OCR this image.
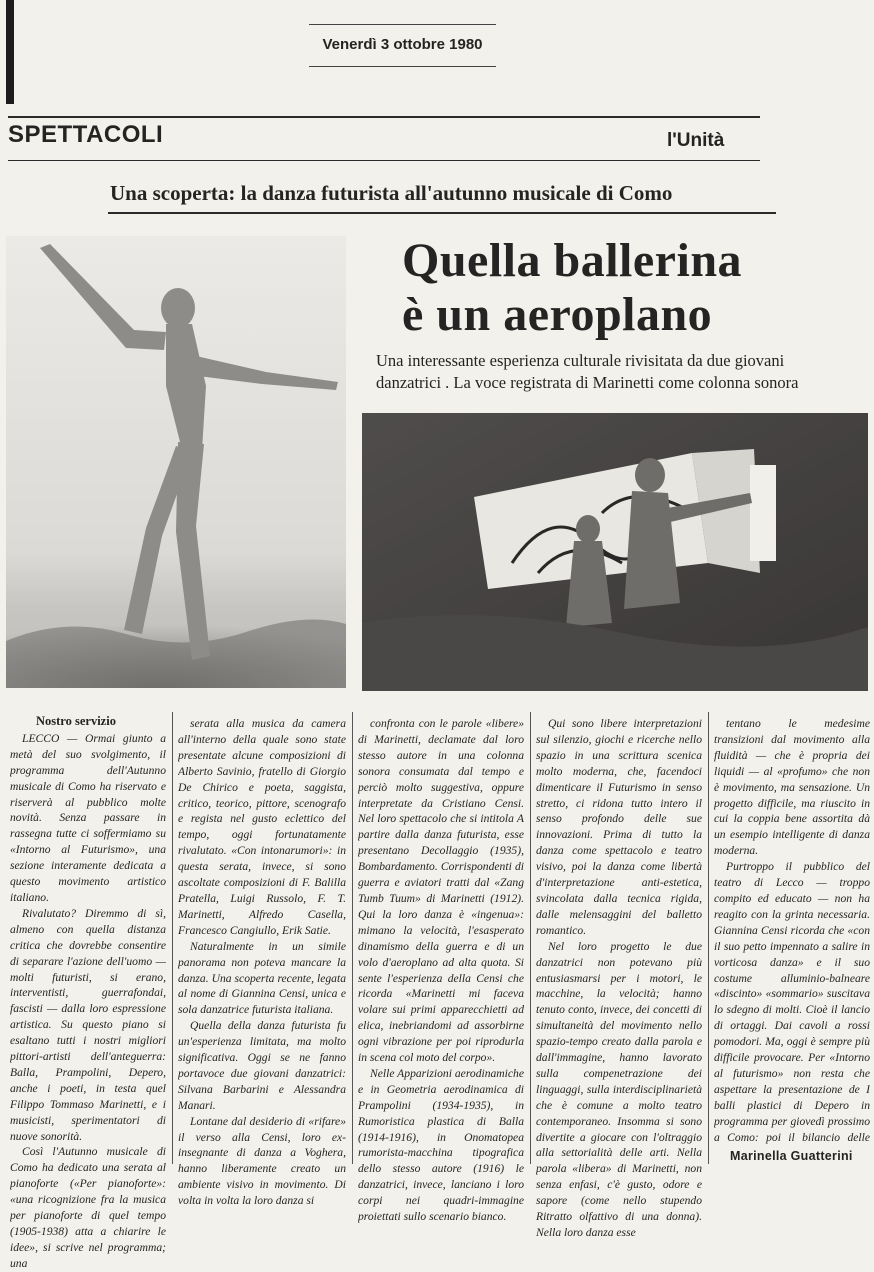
Venerdì 3 ottobre 1980
SPETTACOLI	l'Unità
Una scoperta: la danza futurista all'autunno musicale di Como
Quella ballerina
è un aeroplano
Una interessante esperienza culturale rivisitata da due giovani
danzatrici . La voce registrata di Marinetti come colonna sonora

Nostro servizio

LECCO — Ormai giunto a metà del suo svolgimento, il programma dell'Autunno musicale di Como ha riservato e riserverà al pubblico molte novità. Senza passare in rassegna tutte ci soffermiamo su «Intorno al Futurismo», una sezione interamente dedicata a questo movimento artistico italiano.

Rivalutato? Diremmo di sì, almeno con quella distanza critica che dovrebbe consentire di separare l'azione dell'uomo — molti futuristi, si erano, interventisti, guerrafondai, fascisti — dalla loro espressione artistica. Su questo piano si esaltano tutti i nostri migliori pittori-artisti dell'anteguerra: Balla, Prampolini, Depero, anche i poeti, in testa quel Filippo Tommaso Marinetti, e i musicisti, sperimentatori di nuove sonorità.

Così l'Autunno musicale di Como ha dedicato una serata al pianoforte («Per pianoforte»: «una ricognizione fra la musica per pianoforte di quel tempo (1905-1938) atta a chiarire le idee», si scrive nel programma; una

serata alla musica da camera all'interno della quale sono state presentate alcune composizioni di Alberto Savinio, fratello di Giorgio De Chirico e poeta, saggista, critico, teorico, pittore, scenografo e regista nel gusto eclettico del tempo, oggi fortunatamente rivalutato. «Con intonarumori»: in questa serata, invece, si sono ascoltate composizioni di F. Balilla Pratella, Luigi Russolo, F. T. Marinetti, Alfredo Casella, Francesco Cangiullo, Erik Satie.

Naturalmente in un simile panorama non poteva mancare la danza. Una scoperta recente, legata al nome di Giannina Censi, unica e sola danzatrice futurista italiana.

Quella della danza futurista fu un'esperienza limitata, ma molto significativa. Oggi se ne fanno portavoce due giovani danzatrici: Silvana Barbarini e Alessandra Manari.

Lontane dal desiderio di «rifare» il verso alla Censi, loro ex-insegnante di danza a Voghera, hanno liberamente creato un ambiente visivo in movimento. Di volta in volta la loro danza si

confronta con le parole «libere» di Marinetti, declamate dal loro stesso autore in una colonna sonora consumata dal tempo e perciò molto suggestiva, oppure interpretate da Cristiano Censi. Nel loro spettacolo che si intitola A partire dalla danza futurista, esse presentano Decollaggio (1935), Bombardamento. Corrispondenti di guerra e aviatori tratti dal «Zang Tumb Tuum» di Marinetti (1912). Qui la loro danza è «ingenua»: mimano la velocità, l'esasperato dinamismo della guerra e di un volo d'aeroplano ad alta quota. Si sente l'esperienza della Censi che ricorda «Marinetti mi faceva volare sui primi apparecchietti ad elica, inebriandomi ad assorbirne ogni vibrazione per poi riprodurla in scena col moto del corpo».

Nelle Apparizioni aerodinamiche e in Geometria aerodinamica di Prampolini (1934-1935), in Rumoristica plastica di Balla (1914-1916), in Onomatopea rumorista-macchina tipografica dello stesso autore (1916) le danzatrici, invece, lanciano i loro corpi nei quadri-immagine proiettati sullo scenario bianco.

Qui sono libere interpretazioni sul silenzio, giochi e ricerche nello spazio in una scrittura scenica molto moderna, che, facendoci dimenticare il Futurismo in senso stretto, ci ridona tutto intero il senso profondo delle sue innovazioni. Prima di tutto la danza come spettacolo e teatro visivo, poi la danza come libertà d'interpretazione anti-estetica, svincolata dalla tecnica rigida, dalle melensaggini del balletto romantico.

Nel loro progetto le due danzatrici non potevano più entusiasmarsi per i motori, le macchine, la velocità; hanno tenuto conto, invece, dei concetti di simultaneità del movimento nello spazio-tempo creato dalla parola e dall'immagine, hanno lavorato sulla compenetrazione dei linguaggi, sulla interdisciplinarietà che è comune a molto teatro contemporaneo. Insomma si sono divertite a giocare con l'oltraggio alla settorialità delle arti. Nella parola «libera» di Marinetti, non senza enfasi, c'è gusto, odore e sapore (come nello stupendo Ritratto olfattivo di una donna). Nella loro danza esse

tentano le medesime transizioni dal movimento alla fluidità — che è propria dei liquidi — al «profumo» che non è movimento, ma sensazione. Un progetto difficile, ma riuscito in cui la coppia bene assortita dà un esempio intelligente di danza moderna.

Purtroppo il pubblico del teatro di Lecco — troppo compito ed educato — non ha reagito con la grinta necessaria. Giannina Censi ricorda che «con il suo petto impennato a salire in vorticosa danza» e il suo costume alluminio-balneare «discinto» «sommario» suscitava lo sdegno di molti. Cioè il lancio di ortaggi. Dai cavoli a rossi pomodori. Ma, oggi è sempre più difficile provocare. Per «Intorno al futurismo» non resta che aspettare la presentazione de I balli plastici di Depero in programma per giovedì prossimo a Como: poi il bilancio delle

Marinella Guatterini
